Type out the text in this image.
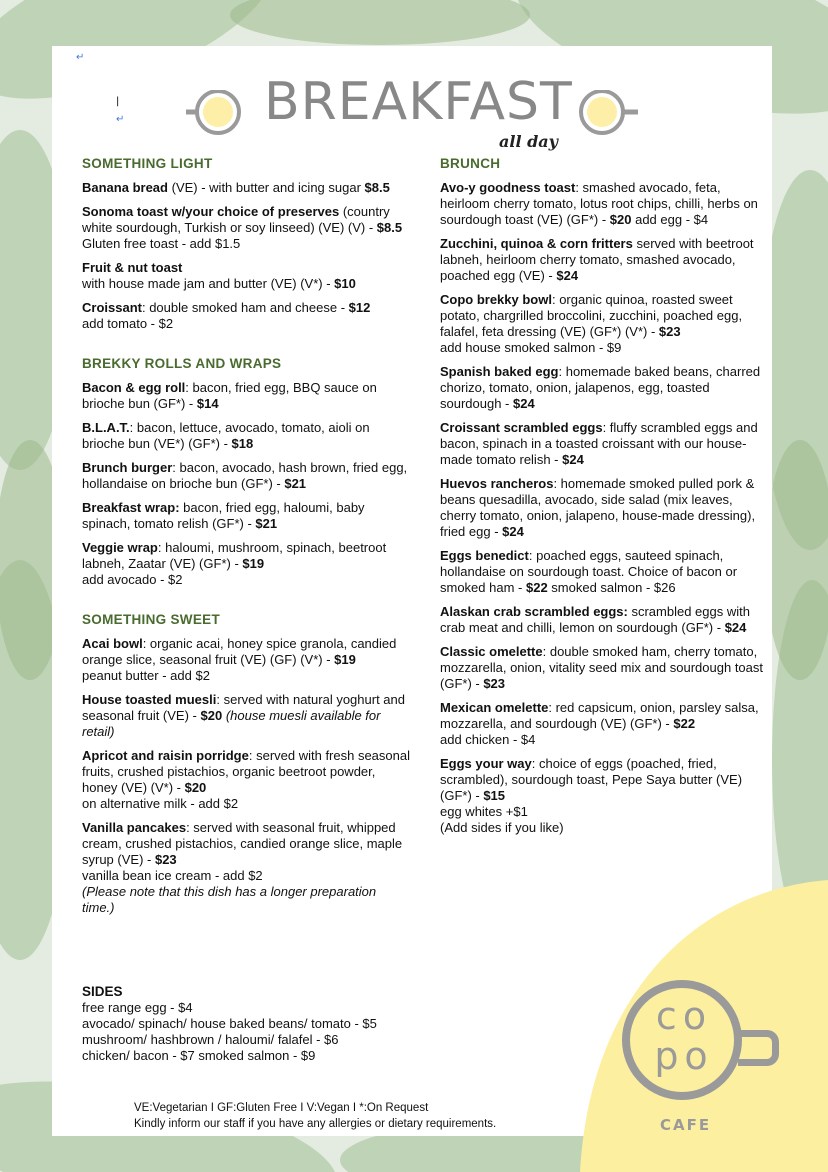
↵
|
↵	BREAKFAST
all day
SOMETHING LIGHT
Banana bread (VE) - with butter and icing sugar $8.5
Sonoma toast w/your choice of preserves (country white sourdough, Turkish or soy linseed) (VE) (V) - $8.5
Gluten free toast - add $1.5
Fruit & nut toast
with house made jam and butter (VE) (V*) - $10
Croissant: double smoked ham and cheese - $12
add tomato - $2
BREKKY ROLLS AND WRAPS
Bacon & egg roll: bacon, fried egg, BBQ sauce on brioche bun (GF*) - $14
B.L.A.T.: bacon, lettuce, avocado, tomato, aioli on brioche bun (VE*) (GF*) - $18
Brunch burger: bacon, avocado, hash brown, fried egg, hollandaise on brioche bun (GF*) - $21
Breakfast wrap: bacon, fried egg, haloumi, baby spinach, tomato relish (GF*) - $21
Veggie wrap: haloumi, mushroom, spinach, beetroot labneh, Zaatar (VE) (GF*) - $19
add avocado - $2
SOMETHING SWEET
Acai bowl: organic acai, honey spice granola, candied orange slice, seasonal fruit (VE) (GF) (V*) - $19
peanut butter - add $2
House toasted muesli: served with natural yoghurt and seasonal fruit (VE) - $20 (house muesli available for retail)
Apricot and raisin porridge: served with fresh seasonal fruits, crushed pistachios, organic beetroot powder, honey (VE) (V*) - $20
on alternative milk - add $2
Vanilla pancakes: served with seasonal fruit, whipped cream, crushed pistachios, candied orange slice, maple syrup (VE) - $23
vanilla bean ice cream - add $2
(Please note that this dish has a longer preparation time.)
BRUNCH
Avo-y goodness toast: smashed avocado, feta, heirloom cherry tomato, lotus root chips, chilli, herbs on sourdough toast (VE) (GF*) - $20 add egg - $4
Zucchini, quinoa & corn fritters served with beetroot labneh, heirloom cherry tomato, smashed avocado, poached egg (VE) - $24
Copo brekky bowl: organic quinoa, roasted sweet potato, chargrilled broccolini, zucchini, poached egg, falafel, feta dressing (VE) (GF*) (V*) - $23
add house smoked salmon - $9
Spanish baked egg: homemade baked beans, charred chorizo, tomato, onion, jalapenos, egg, toasted sourdough - $24
Croissant scrambled eggs: fluffy scrambled eggs and bacon, spinach in a toasted croissant with our house-made tomato relish - $24
Huevos rancheros: homemade smoked pulled pork & beans quesadilla, avocado, side salad (mix leaves, cherry tomato, onion, jalapeno, house-made dressing), fried egg - $24
Eggs benedict: poached eggs, sauteed spinach, hollandaise on sourdough toast. Choice of bacon or smoked ham - $22 smoked salmon - $26
Alaskan crab scrambled eggs: scrambled eggs with crab meat and chilli, lemon on sourdough (GF*) - $24
Classic omelette: double smoked ham, cherry tomato, mozzarella, onion, vitality seed mix and sourdough toast (GF*) - $23
Mexican omelette: red capsicum, onion, parsley salsa, mozzarella, and sourdough (VE) (GF*) - $22
add chicken - $4
Eggs your way: choice of eggs (poached, fried, scrambled), sourdough toast, Pepe Saya butter (VE) (GF*) - $15
egg whites +$1
(Add sides if you like)
SIDES
free range egg - $4
avocado/ spinach/ house baked beans/ tomato - $5
mushroom/ hashbrown / haloumi/ falafel - $6
chicken/ bacon - $7 smoked salmon - $9
VE:Vegetarian I GF:Gluten Free I V:Vegan I *:On Request
Kindly inform our staff if you have any allergies or dietary requirements.
co
po
CAFE
